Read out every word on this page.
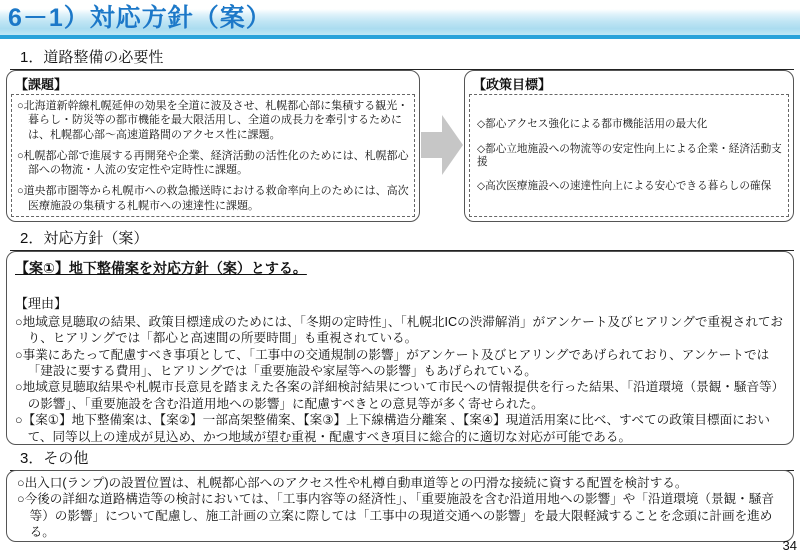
6－1）対応方針（案）
1．道路整備の必要性
【課題】
○北海道新幹線札幌延伸の効果を全道に波及させ、札幌都心部に集積する観光・暮らし・防災等の都市機能を最大限活用し、全道の成長力を牽引するためには、札幌都心部～高速道路間のアクセス性に課題。
○札幌都心部で進展する再開発や企業、経済活動の活性化のためには、札幌都心部への物流・人流の安定性や定時性に課題。
○道央都市圏等から札幌市への救急搬送時における救命率向上のためには、高次医療施設の集積する札幌市への速達性に課題。
【政策目標】
◇都心アクセス強化による都市機能活用の最大化
◇都心立地施設への物流等の安定性向上による企業・経済活動支援
◇高次医療施設への速達性向上による安心できる暮らしの確保
2．対応方針（案）
【案①】地下整備案を対応方針（案）とする。
【理由】
○地域意見聴取の結果、政策目標達成のためには、「冬期の定時性」、「札幌北ICの渋滞解消」がアンケート及びヒアリングで重視されており、ヒアリングでは「都心と高速間の所要時間」も重視されている。
○事業にあたって配慮すべき事項として、「工事中の交通規制の影響」がアンケート及びヒアリングであげられており、アンケートでは「建設に要する費用」、ヒアリングでは「重要施設や家屋等への影響」もあげられている。
○地域意見聴取結果や札幌市長意見を踏まえた各案の詳細検討結果について市民への情報提供を行った結果、「沿道環境（景観・騒音等）の影響」、「重要施設を含む沿道用地への影響」に配慮すべきとの意見等が多く寄せられた。
○【案①】地下整備案は、【案②】一部高架整備案、【案③】上下線構造分離案 、【案④】現道活用案に比べ、すべての政策目標面において、同等以上の達成が見込め、かつ地域が望む重視・配慮すべき項目に総合的に適切な対応が可能である。
3．その他
○出入口(ランプ)の設置位置は、札幌都心部へのアクセス性や札樽自動車道等との円滑な接続に資する配置を検討する。
○今後の詳細な道路構造等の検討においては、「工事内容等の経済性」、「重要施設を含む沿道用地への影響」や「沿道環境（景観・騒音等）の影響」について配慮し、施工計画の立案に際しては「工事中の現道交通への影響」を最大限軽減することを念頭に計画を進める。
34
